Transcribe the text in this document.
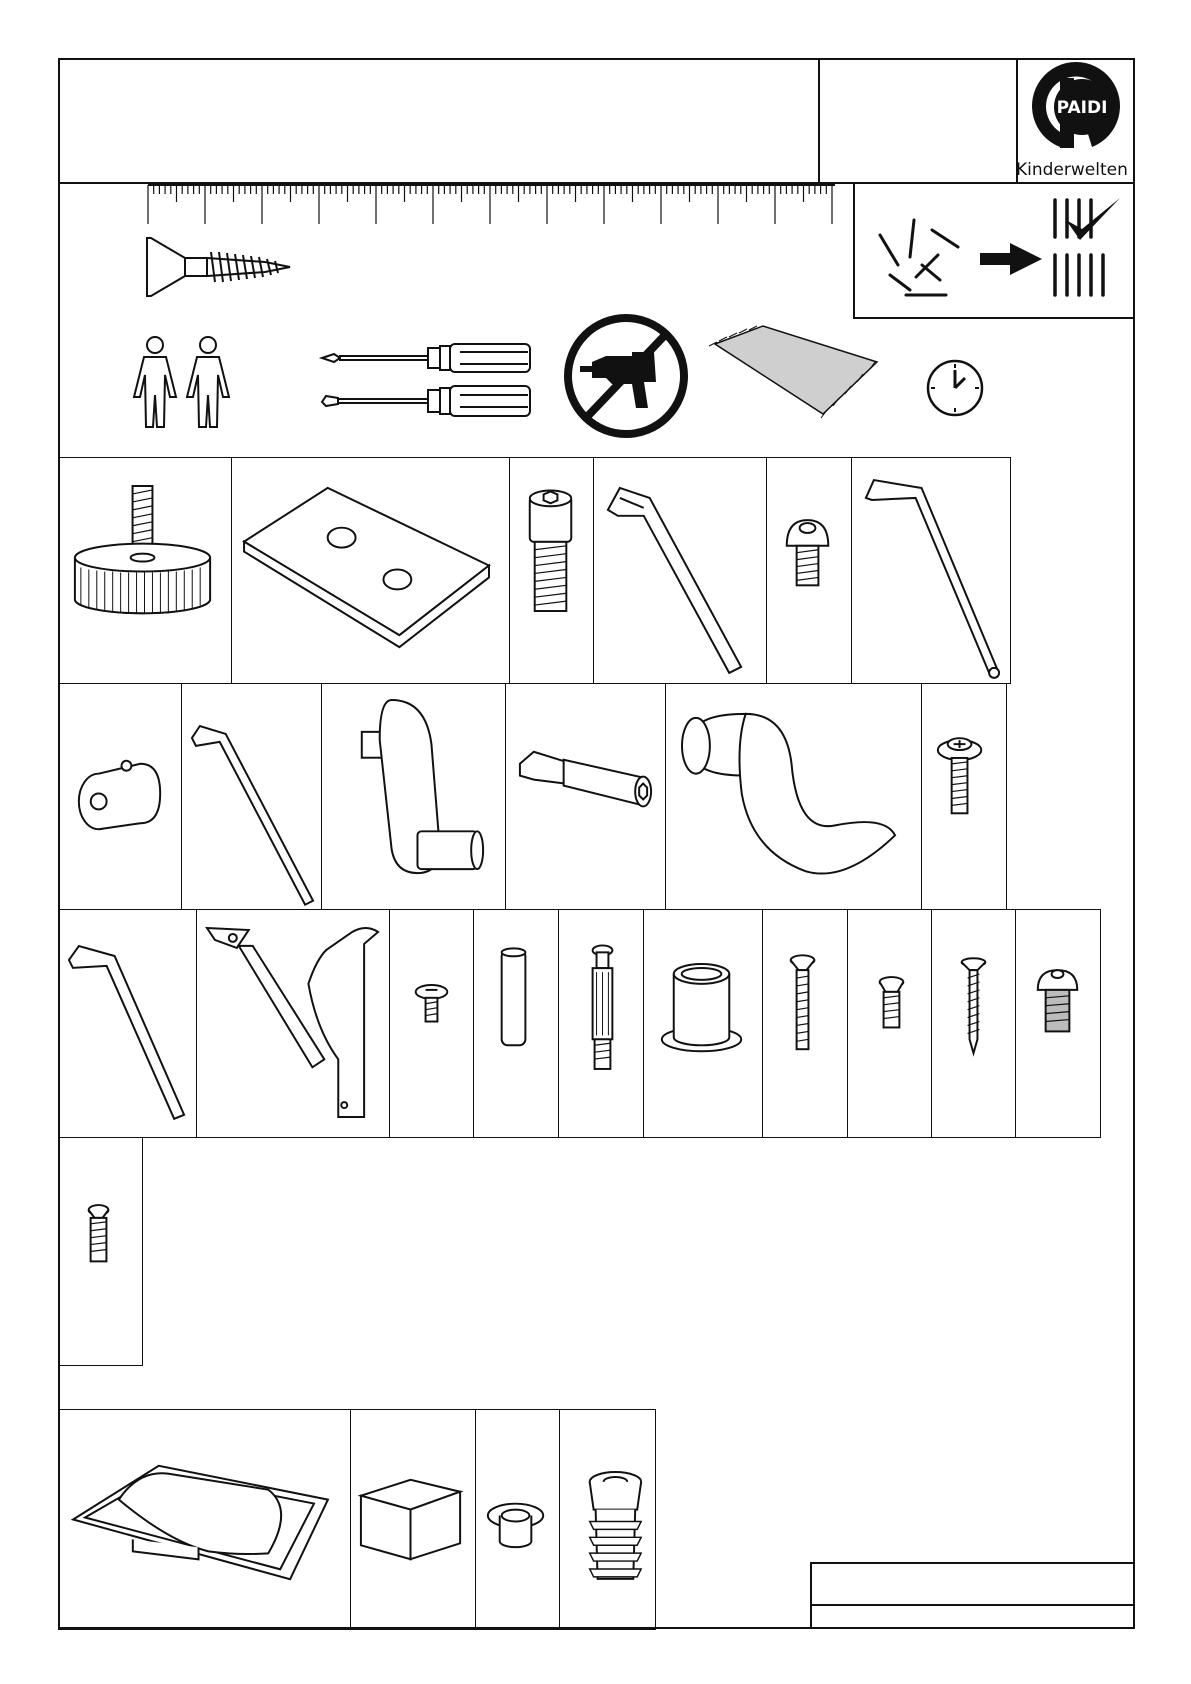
PAIDI
Kinderwelten
